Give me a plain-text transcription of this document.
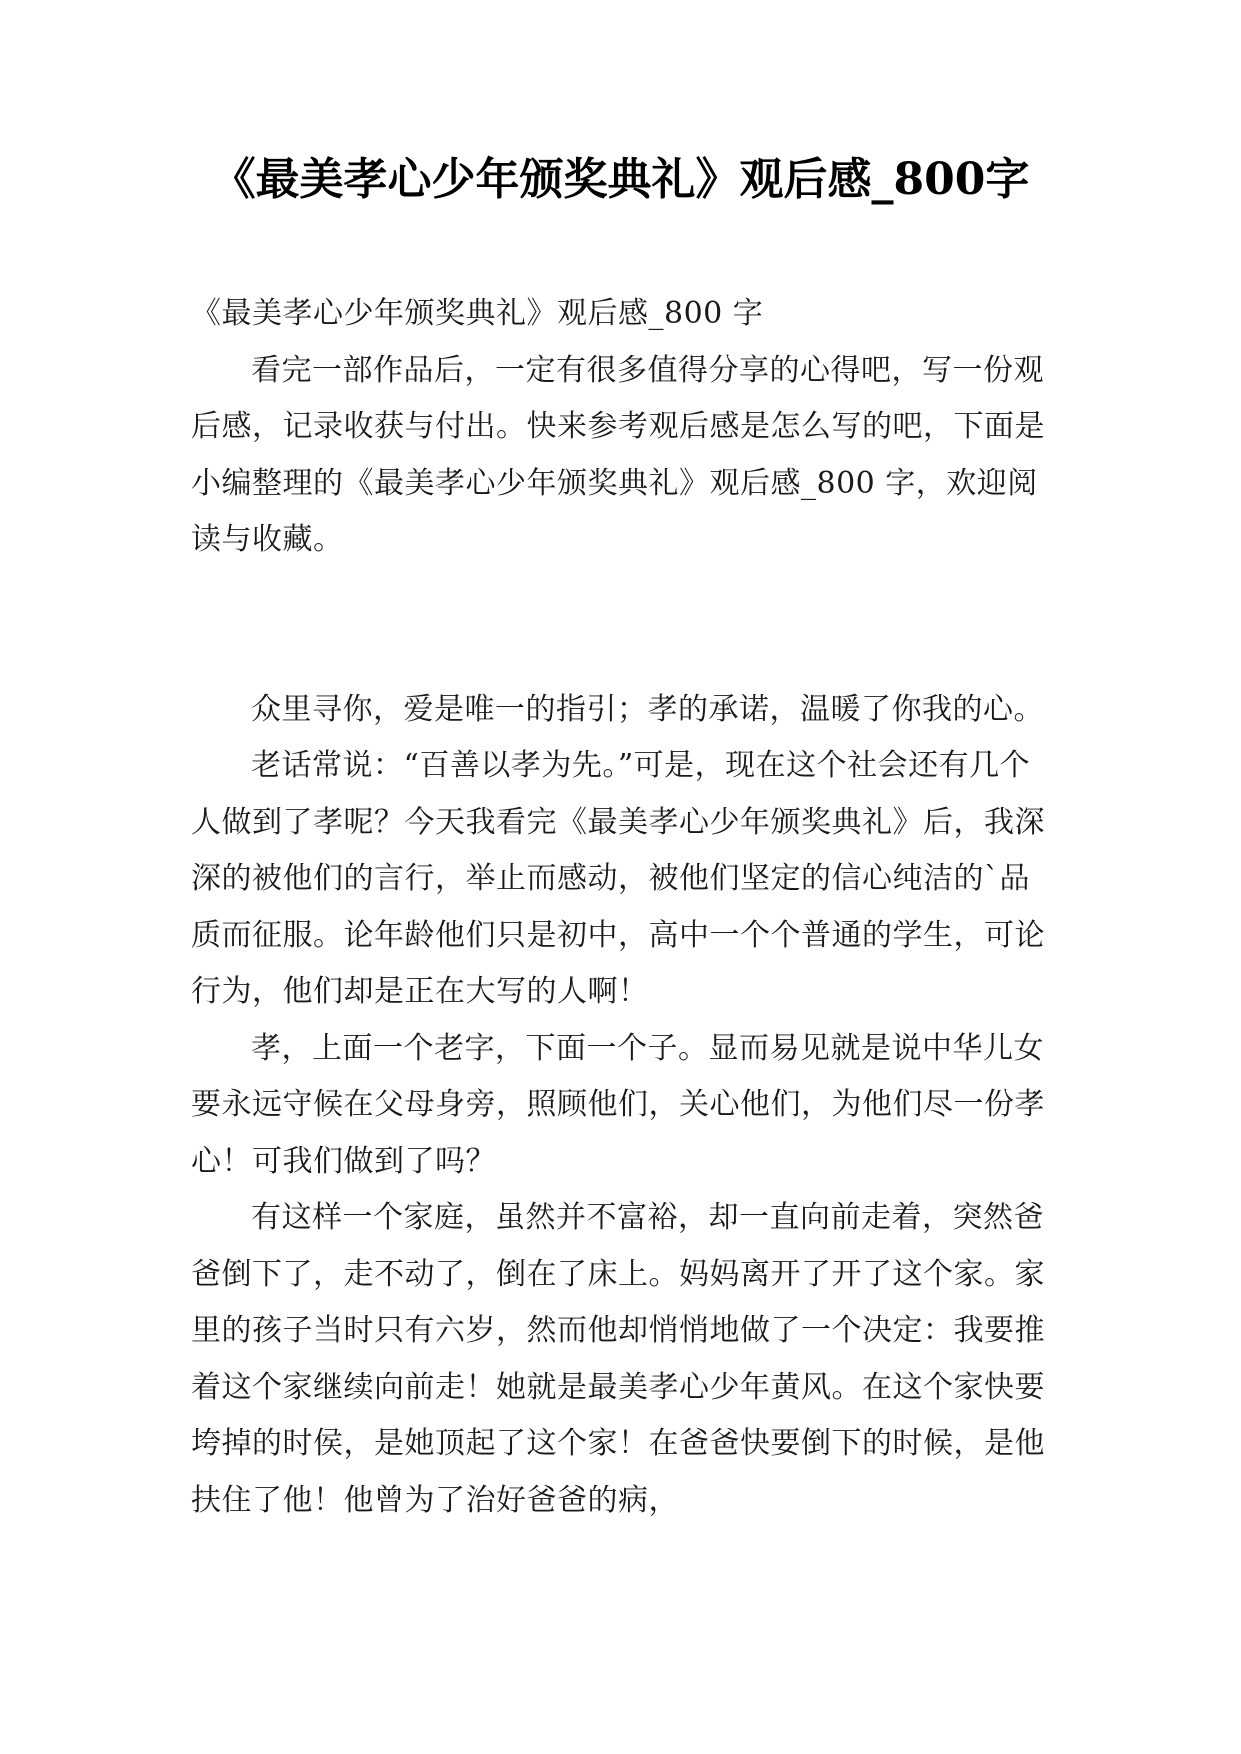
《最美孝心少年颁奖典礼》观后感_800字

《最美孝心少年颁奖典礼》观后感_800 字

看完一部作品后，一定有很多值得分享的心得吧，写一份观后感，记录收获与付出。快来参考观后感是怎么写的吧，下面是小编整理的《最美孝心少年颁奖典礼》观后感_800 字，欢迎阅读与收藏。

众里寻你，爱是唯一的指引；孝的承诺，温暖了你我的心。

老话常说：“百善以孝为先。”可是，现在这个社会还有几个人做到了孝呢？今天我看完《最美孝心少年颁奖典礼》后，我深深的被他们的言行，举止而感动，被他们坚定的信心纯洁的`品质而征服。论年龄他们只是初中，高中一个个普通的学生，可论行为，他们却是正在大写的人啊！

孝，上面一个老字，下面一个子。显而易见就是说中华儿女要永远守候在父母身旁，照顾他们，关心他们，为他们尽一份孝心！可我们做到了吗？

有这样一个家庭，虽然并不富裕，却一直向前走着，突然爸爸倒下了，走不动了，倒在了床上。妈妈离开了开了这个家。家里的孩子当时只有六岁，然而他却悄悄地做了一个决定：我要推着这个家继续向前走！她就是最美孝心少年黄风。在这个家快要垮掉的时侯，是她顶起了这个家！在爸爸快要倒下的时候，是他扶住了他！他曾为了治好爸爸的病，
